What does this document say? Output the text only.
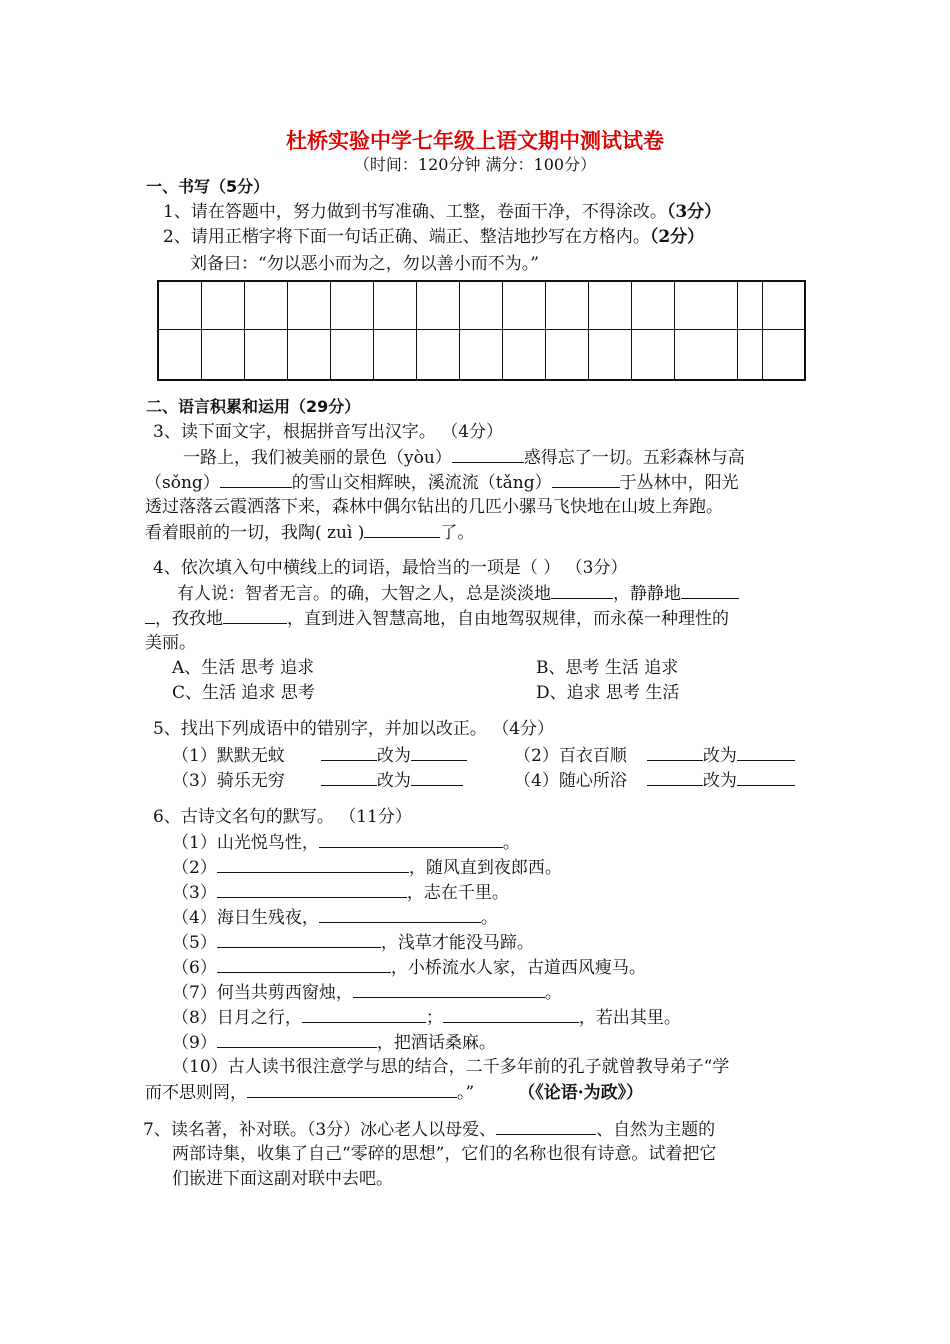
杜桥实验中学七年级上语文期中测试试卷
（时间：120分钟 满分：100分）
一、书写（5分）
1、请在答题中，努力做到书写准确、工整，卷面干净，不得涂改。（3分）
2、请用正楷字将下面一句话正确、端正、整洁地抄写在方格内。（2分）
刘备曰：“勿以恶小而为之，勿以善小而不为。”
二、语言积累和运用（29分）
3、读下面文字，根据拼音写出汉字。 （4分）
一路上，我们被美丽的景色（yòu）	惑得忘了一切。五彩森林与高
（sǒng）	的雪山交相辉映，溪流流（tǎng）	于丛林中，阳光
透过落落云霞洒落下来，森林中偶尔钻出的几匹小骡马飞快地在山坡上奔跑。
看着眼前的一切，我陶( zuì )	了。
4、依次填入句中横线上的词语，最恰当的一项是（ ） （3分）
有人说：智者无言。的确，大智之人，总是淡淡地	，静静地
，孜孜地	，直到进入智慧高地，自由地驾驭规律，而永葆一种理性的
美丽。
A、生活 思考 追求	B、思考 生活 追求
C、生活 追求 思考	D、追求 思考 生活
5、找出下列成语中的错别字，并加以改正。 （4分）
（1）默默无蚊	改为	（2）百衣百顺	改为
（3）骑乐无穷	改为	（4）随心所浴	改为
6、古诗文名句的默写。 （11分）
（1）山光悦鸟性，	。
（2）	，随风直到夜郎西。
（3）	，志在千里。
（4）海日生残夜，	。
（5）	，浅草才能没马蹄。
（6）	，小桥流水人家，古道西风瘦马。
（7）何当共剪西窗烛，	。
（8）日月之行，	；	，若出其里。
（9）	，把酒话桑麻。
（10）古人读书很注意学与思的结合，二千多年前的孔子就曾教导弟子“学
而不思则罔，	。”	（《论语·为政》）
7、读名著，补对联。（3分）冰心老人以母爱、	、自然为主题的
两部诗集，收集了自己“零碎的思想”，它们的名称也很有诗意。试着把它
们嵌进下面这副对联中去吧。
